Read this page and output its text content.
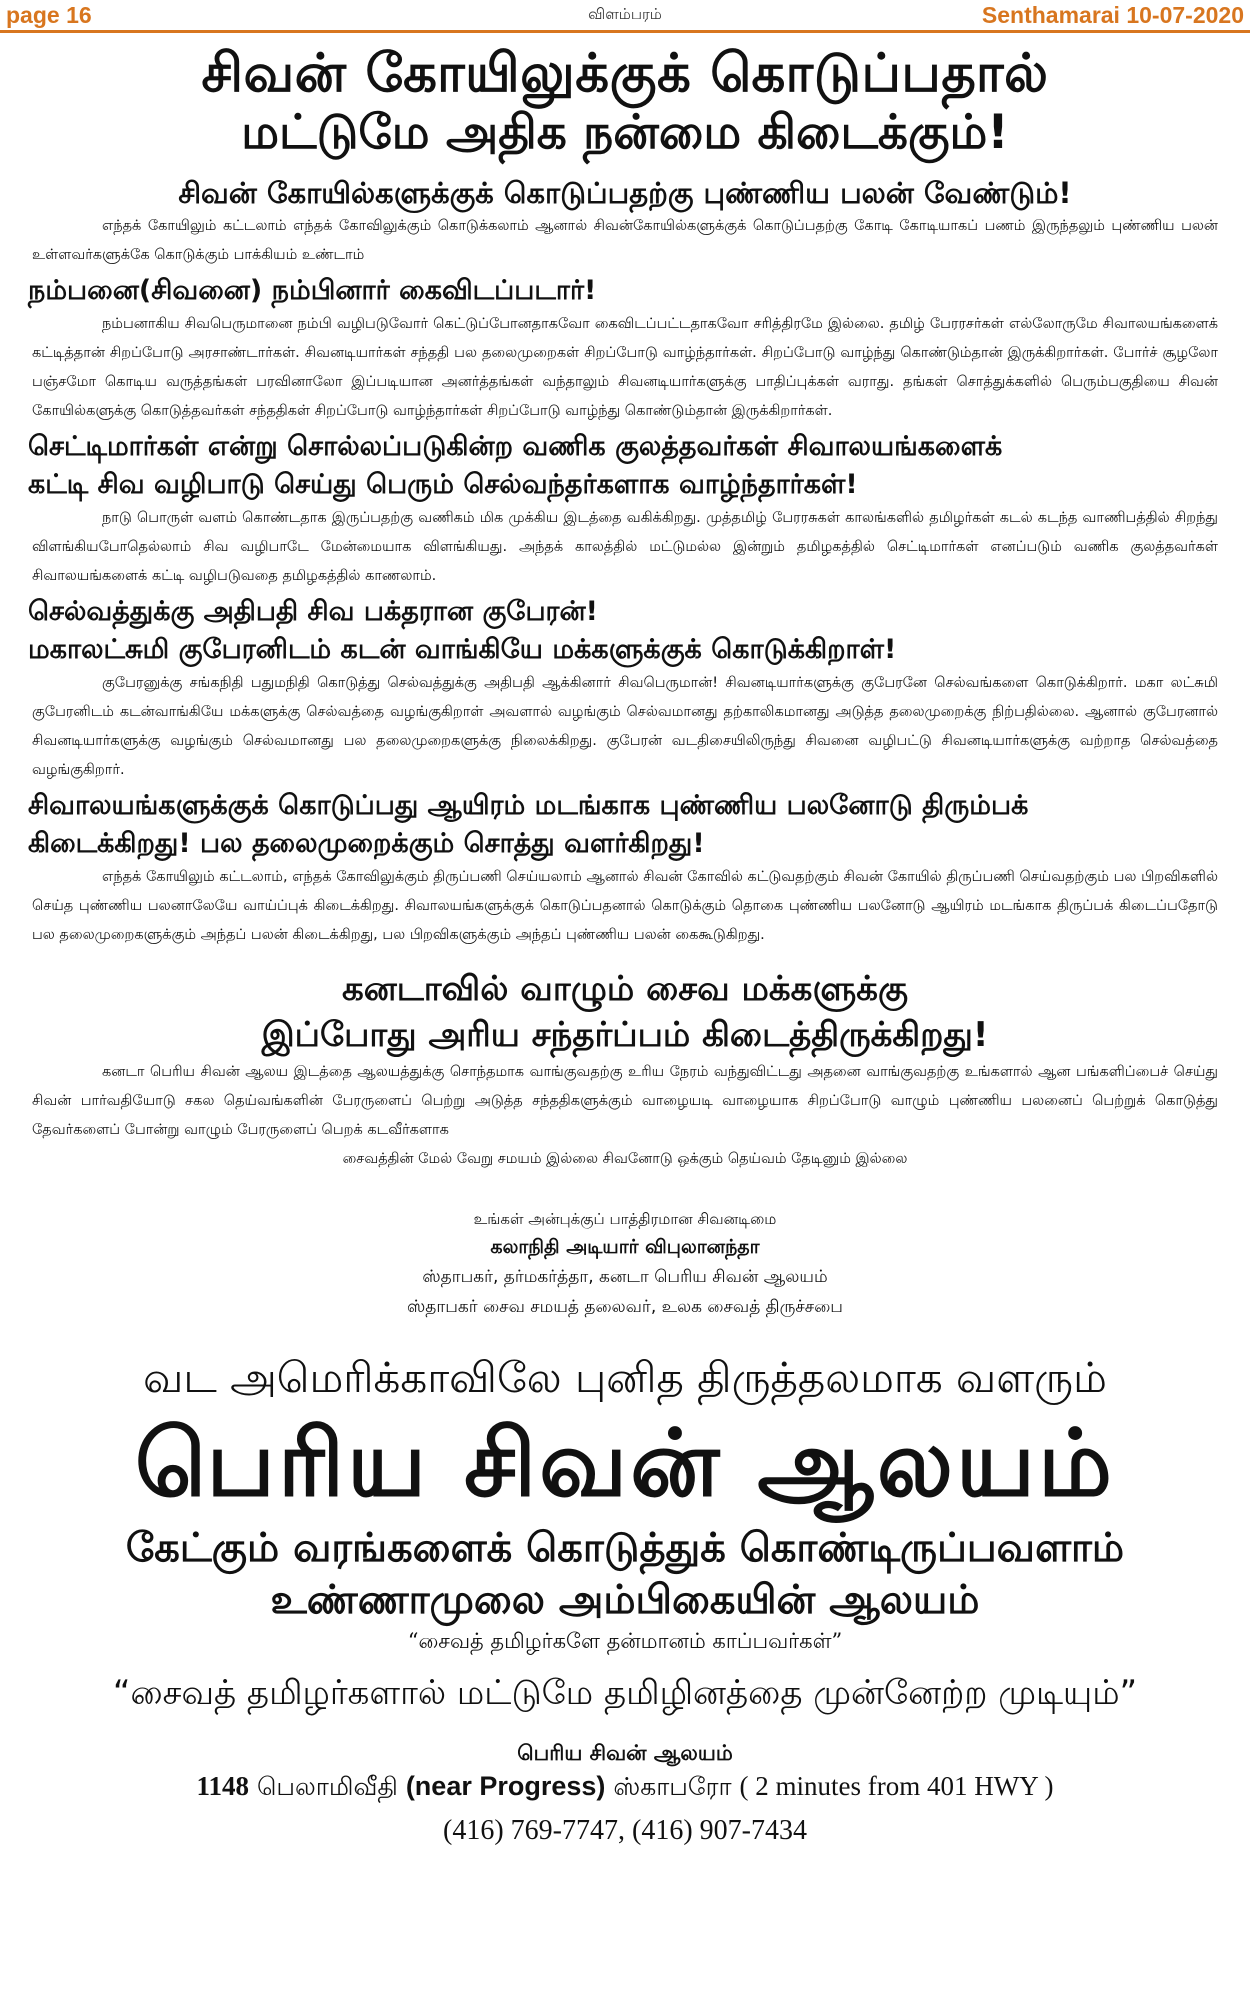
page 16	விளம்பரம்	Senthamarai 10-07-2020
சிவன் கோயிலுக்குக் கொடுப்பதால்
மட்டுமே அதிக நன்மை கிடைக்கும்!
சிவன் கோயில்களுக்குக் கொடுப்பதற்கு புண்ணிய பலன் வேண்டும்!

எந்தக் கோயிலும் கட்டலாம் எந்தக் கோவிலுக்கும் கொடுக்கலாம் ஆனால் சிவன்கோயில்களுக்குக் கொடுப்பதற்கு கோடி கோடியாகப் பணம் இருந்தலும் புண்ணிய பலன் உள்ளவர்களுக்கே கொடுக்கும் பாக்கியம் உண்டாம்

நம்பனை(சிவனை) நம்பினார் கைவிடப்படார்!

நம்பனாகிய சிவபெருமானை நம்பி வழிபடுவோர் கெட்டுப்போனதாகவோ கைவிடப்பட்டதாகவோ சரித்திரமே இல்லை. தமிழ் பேரரசர்கள் எல்லோருமே சிவாலயங்களைக் கட்டித்தான் சிறப்போடு அரசாண்டார்கள். சிவனடியார்கள் சந்ததி பல தலைமுறைகள் சிறப்போடு வாழ்ந்தார்கள். சிறப்போடு வாழ்ந்து கொண்டும்தான் இருக்கிறார்கள். போர்ச் சூழலோ பஞ்சமோ கொடிய வருத்தங்கள் பரவினாலோ இப்படியான அனர்த்தங்கள் வந்தாலும் சிவனடியார்களுக்கு பாதிப்புக்கள் வராது. தங்கள் சொத்துக்களில் பெரும்பகுதியை சிவன் கோயில்களுக்கு கொடுத்தவர்கள் சந்ததிகள் சிறப்போடு வாழ்ந்தார்கள் சிறப்போடு வாழ்ந்து கொண்டும்தான் இருக்கிறார்கள்.

செட்டிமார்கள் என்று சொல்லப்படுகின்ற வணிக குலத்தவர்கள் சிவாலயங்களைக்
கட்டி சிவ வழிபாடு செய்து பெரும் செல்வந்தர்களாக வாழ்ந்தார்கள்!

நாடு பொருள் வளம் கொண்டதாக இருப்பதற்கு வணிகம் மிக முக்கிய இடத்தை வகிக்கிறது. முத்தமிழ் பேரரசுகள் காலங்களில் தமிழர்கள் கடல் கடந்த வாணிபத்தில் சிறந்து விளங்கியபோதெல்லாம் சிவ வழிபாடே மேன்மையாக விளங்கியது. அந்தக் காலத்தில் மட்டுமல்ல இன்றும் தமிழகத்தில் செட்டிமார்கள் எனப்படும் வணிக குலத்தவர்கள் சிவாலயங்களைக் கட்டி வழிபடுவதை தமிழகத்தில் காணலாம்.

செல்வத்துக்கு அதிபதி சிவ பக்தரான குபேரன்!
மகாலட்சுமி குபேரனிடம் கடன் வாங்கியே மக்களுக்குக் கொடுக்கிறாள்!

குபேரனுக்கு சங்கநிதி பதுமநிதி கொடுத்து செல்வத்துக்கு அதிபதி ஆக்கினார் சிவபெருமான்! சிவனடியார்களுக்கு குபேரனே செல்வங்களை கொடுக்கிறார். மகா லட்சுமி குபேரனிடம் கடன்வாங்கியே மக்களுக்கு செல்வத்தை வழங்குகிறாள் அவளால் வழங்கும் செல்வமானது தற்காலிகமானது அடுத்த தலைமுறைக்கு நிற்பதில்லை. ஆனால் குபேரனால் சிவனடியார்களுக்கு வழங்கும் செல்வமானது பல தலைமுறைகளுக்கு நிலைக்கிறது. குபேரன் வடதிசையிலிருந்து சிவனை வழிபட்டு சிவனடியார்களுக்கு வற்றாத செல்வத்தை வழங்குகிறார்.

சிவாலயங்களுக்குக் கொடுப்பது ஆயிரம் மடங்காக புண்ணிய பலனோடு திரும்பக்
கிடைக்கிறது! பல தலைமுறைக்கும் சொத்து வளர்கிறது!

எந்தக் கோயிலும் கட்டலாம், எந்தக் கோவிலுக்கும் திருப்பணி செய்யலாம் ஆனால் சிவன் கோவில் கட்டுவதற்கும் சிவன் கோயில் திருப்பணி செய்வதற்கும் பல பிறவிகளில் செய்த புண்ணிய பலனாலேயே வாய்ப்புக் கிடைக்கிறது. சிவாலயங்களுக்குக் கொடுப்பதனால் கொடுக்கும் தொகை புண்ணிய பலனோடு ஆயிரம் மடங்காக திருப்பக் கிடைப்பதோடு பல தலைமுறைகளுக்கும் அந்தப் பலன் கிடைக்கிறது, பல பிறவிகளுக்கும் அந்தப் புண்ணிய பலன் கைகூடுகிறது.

கனடாவில் வாழும் சைவ மக்களுக்கு
இப்போது அரிய சந்தர்ப்பம் கிடைத்திருக்கிறது!

கனடா பெரிய சிவன் ஆலய இடத்தை ஆலயத்துக்கு சொந்தமாக வாங்குவதற்கு உரிய நேரம் வந்துவிட்டது அதனை வாங்குவதற்கு உங்களால் ஆன பங்களிப்பைச் செய்து சிவன் பார்வதியோடு சகல தெய்வங்களின் பேரருளைப் பெற்று அடுத்த சந்ததிகளுக்கும் வாழையடி வாழையாக சிறப்போடு வாழும் புண்ணிய பலனைப் பெற்றுக் கொடுத்து தேவர்களைப் போன்று வாழும் பேரருளைப் பெறக் கடவீர்களாக

சைவத்தின் மேல் வேறு சமயம் இல்லை சிவனோடு ஒக்கும் தெய்வம் தேடினும் இல்லை

உங்கள் அன்புக்குப் பாத்திரமான சிவனடிமை
கலாநிதி அடியார் விபுலானந்தா
ஸ்தாபகர், தர்மகர்த்தா, கனடா பெரிய சிவன் ஆலயம்
ஸ்தாபகர் சைவ சமயத் தலைவர், உலக சைவத் திருச்சபை
வட அமெரிக்காவிலே புனித திருத்தலமாக வளரும்
பெரிய சிவன் ஆலயம்
கேட்கும் வரங்களைக் கொடுத்துக் கொண்டிருப்பவளாம்
உண்ணாமுலை அம்பிகையின் ஆலயம்
“சைவத் தமிழர்களே தன்மானம் காப்பவர்கள்”
“சைவத் தமிழர்களால் மட்டுமே தமிழினத்தை முன்னேற்ற முடியும்”
பெரிய சிவன் ஆலயம்
1148 பெலாமிவீதி (near Progress) ஸ்காபரோ ( 2 minutes from 401 HWY )
(416) 769-7747, (416) 907-7434
